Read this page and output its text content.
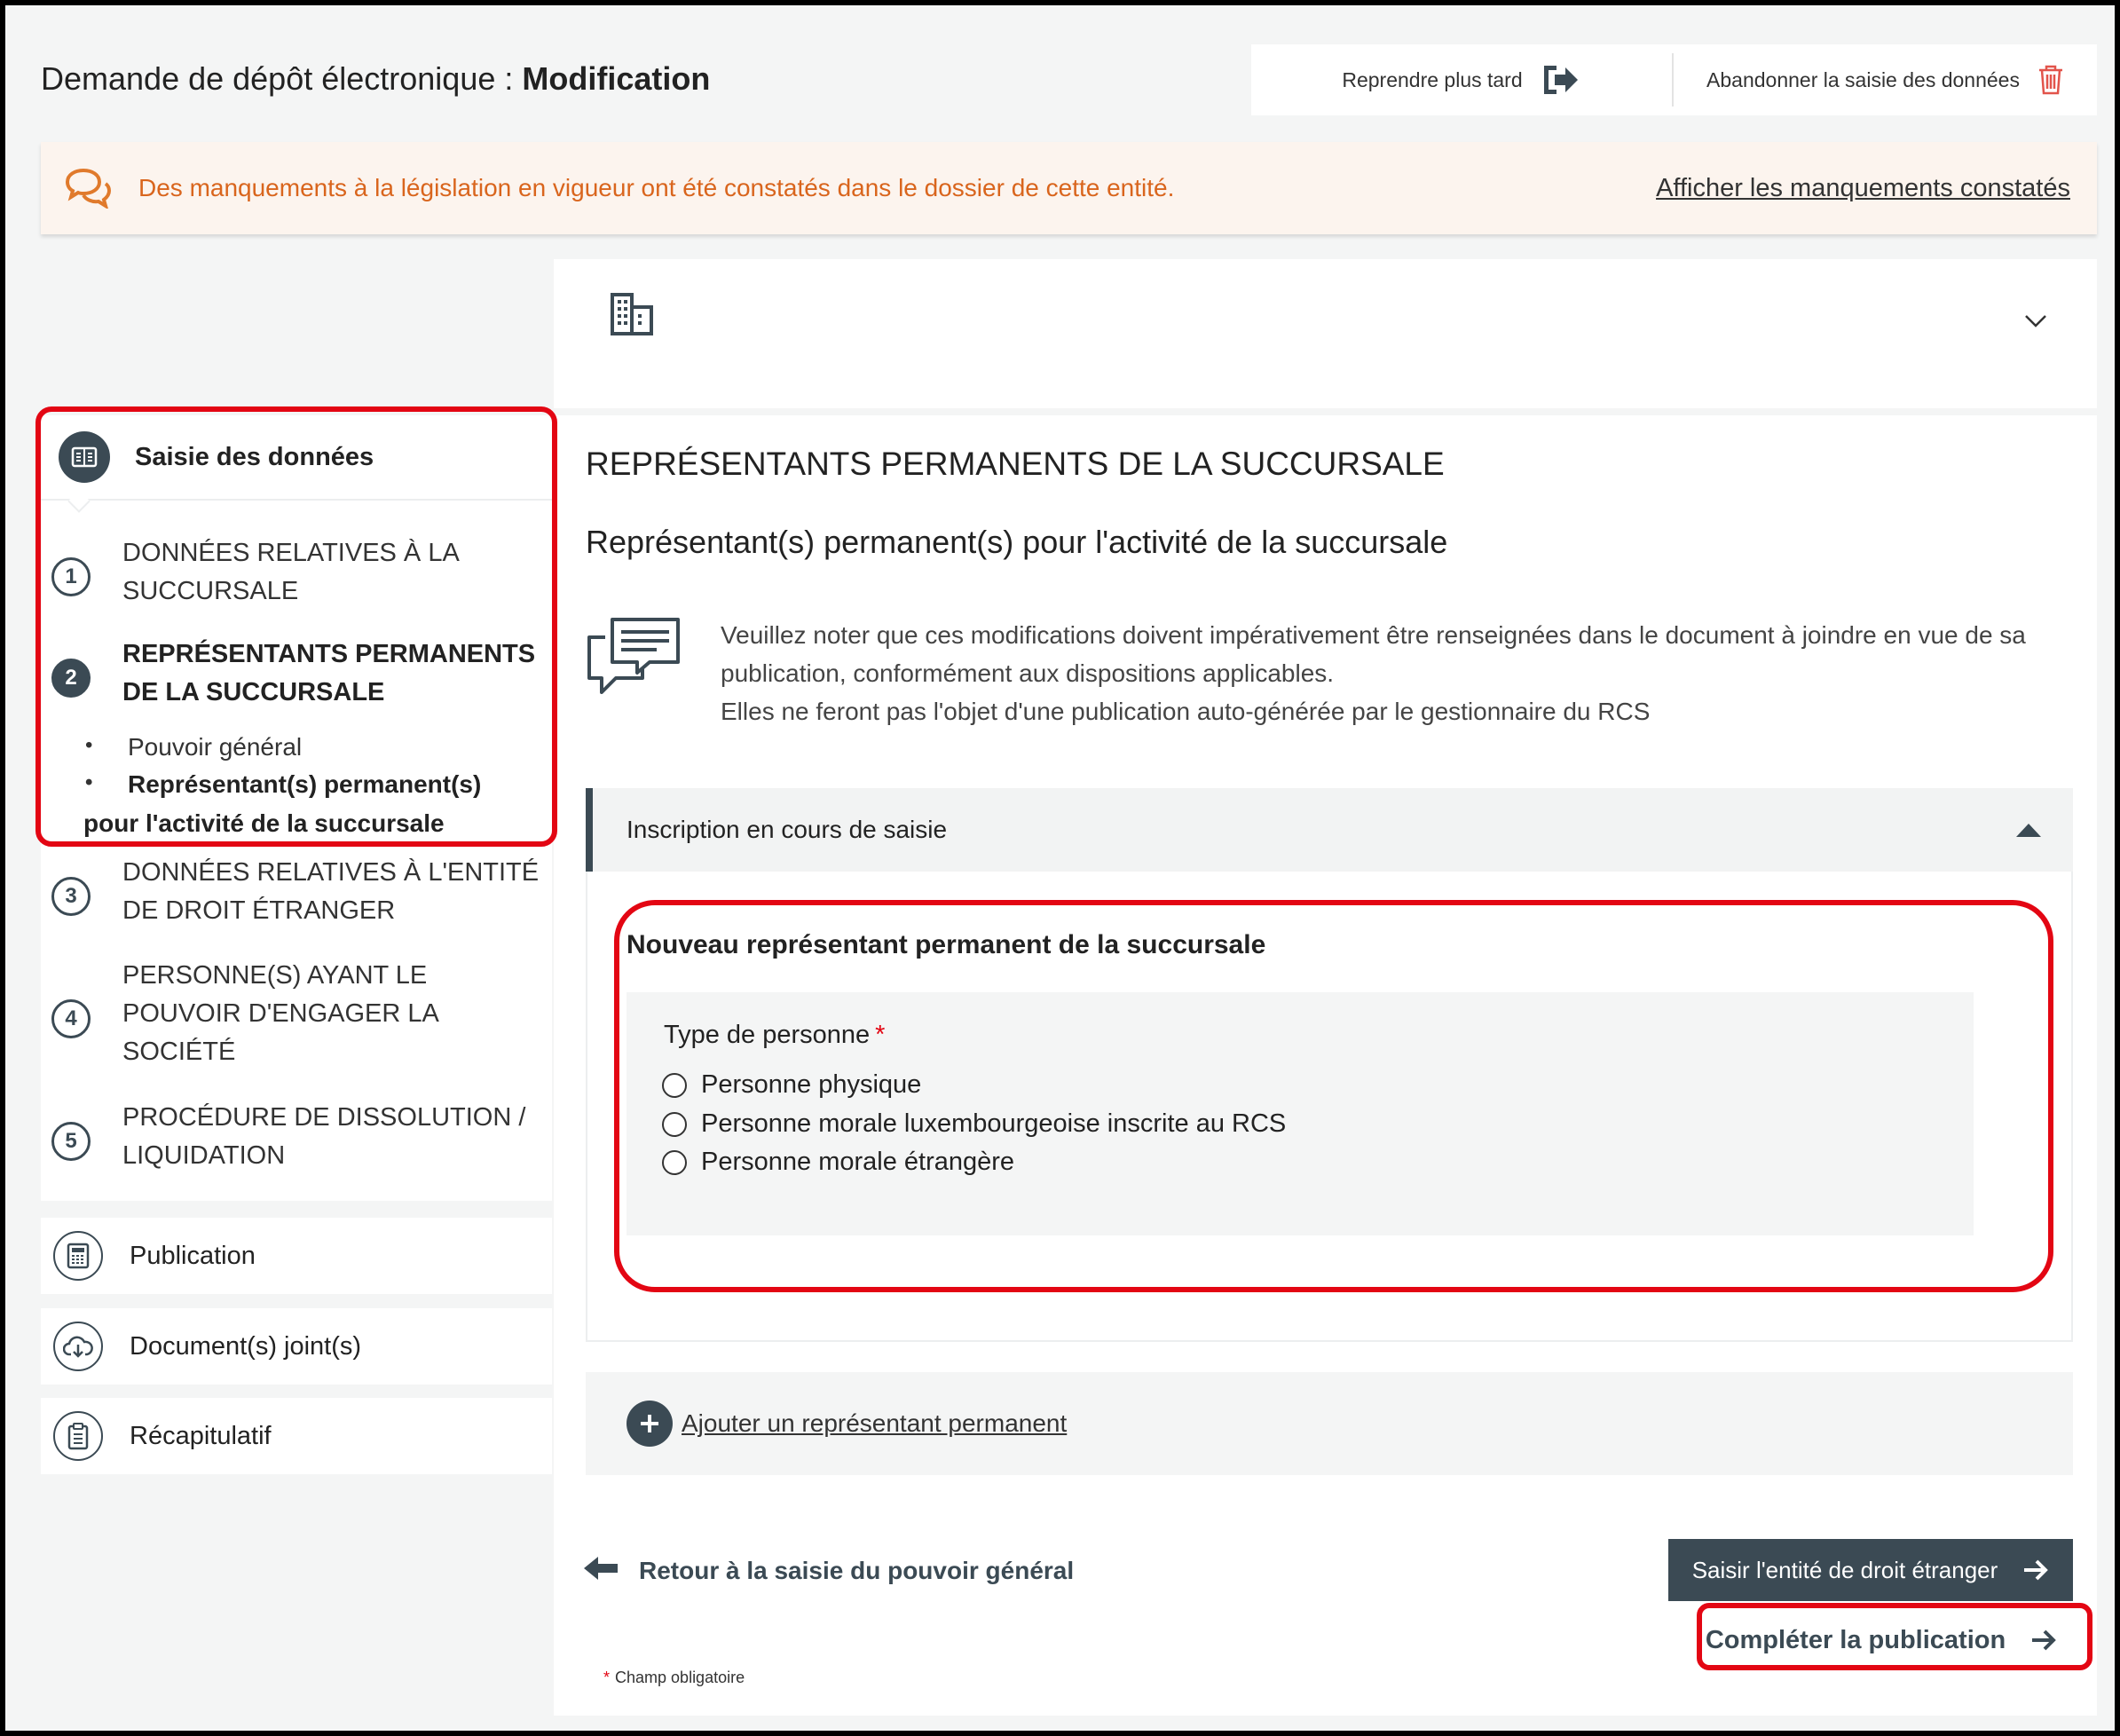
Demande de dépôt électronique : Modification	Reprendre plus tard	Abandonner la saisie des données
Des manquements à la législation en vigueur ont été constatés dans le dossier de cette entité.	Afficher les manquements constatés
Saisie des données
1
DONNÉES RELATIVES À LA SUCCURSALE
2
REPRÉSENTANTS PERMANENTS DE LA SUCCURSALE
• Pouvoir général
• Représentant(s) permanent(s)
pour l'activité de la succursale
3
DONNÉES RELATIVES À L'ENTITÉ DE DROIT ÉTRANGER
4
PERSONNE(S) AYANT LE POUVOIR D'ENGAGER LA SOCIÉTÉ
5
PROCÉDURE DE DISSOLUTION / LIQUIDATION
Publication
Document(s) joint(s)
Récapitulatif
REPRÉSENTANTS PERMANENTS DE LA SUCCURSALE
Représentant(s) permanent(s) pour l'activité de la succursale
Veuillez noter que ces modifications doivent impérativement être renseignées dans le document à joindre en vue de sa
publication, conformément aux dispositions applicables.
Elles ne feront pas l'objet d'une publication auto-générée par le gestionnaire du RCS
Inscription en cours de saisie
Nouveau représentant permanent de la succursale
Type de personne *
Personne physique
Personne morale luxembourgeoise inscrite au RCS
Personne morale étrangère
Ajouter un représentant permanent
Retour à la saisie du pouvoir général	Saisir l'entité de droit étranger
Compléter la publication
* Champ obligatoire
